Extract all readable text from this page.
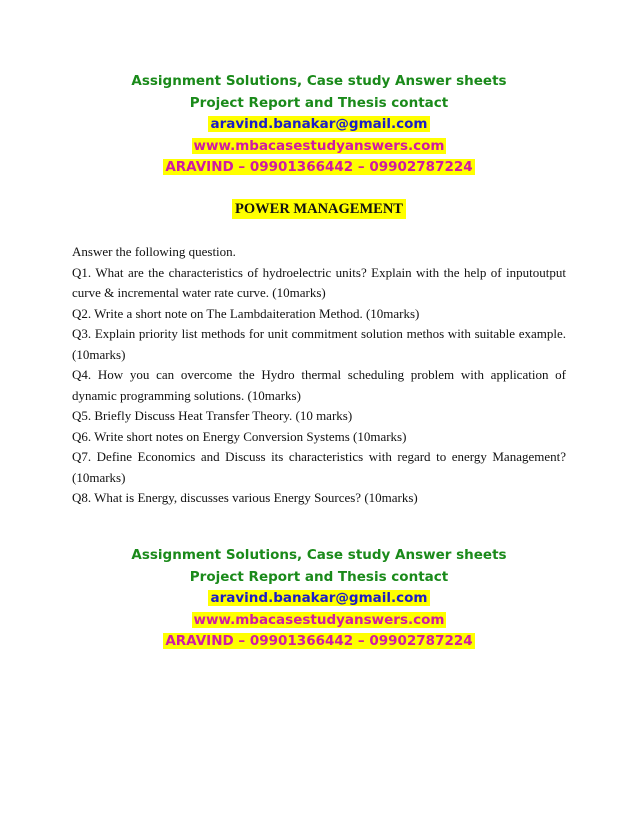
Assignment Solutions, Case study Answer sheets
Project Report and Thesis contact
aravind.banakar@gmail.com
www.mbacasestudyanswers.com
ARAVIND – 09901366442 – 09902787224
POWER MANAGEMENT

Answer the following question.

Q1. What are the characteristics of hydroelectric units? Explain with the help of inputoutput curve & incremental water rate curve. (10marks)

Q2. Write a short note on The Lambdaiteration Method. (10marks)

Q3. Explain priority list methods for unit commitment solution methos with suitable example. (10marks)

Q4. How you can overcome the Hydro thermal scheduling problem with application of dynamic programming solutions. (10marks)

Q5. Briefly Discuss Heat Transfer Theory. (10 marks)

Q6. Write short notes on Energy Conversion Systems (10marks)

Q7. Define Economics and Discuss its characteristics with regard to energy Management? (10marks)

Q8. What is Energy, discusses various Energy Sources? (10marks)

Assignment Solutions, Case study Answer sheets
Project Report and Thesis contact
aravind.banakar@gmail.com
www.mbacasestudyanswers.com
ARAVIND – 09901366442 – 09902787224
